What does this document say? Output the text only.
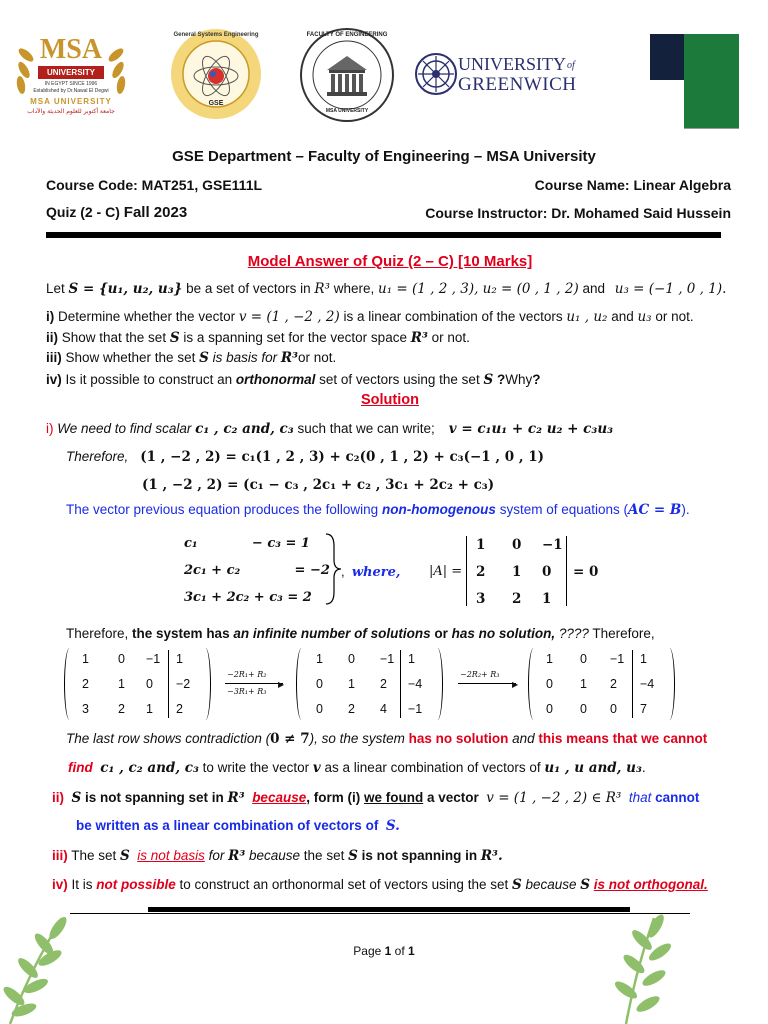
MSA
UNIVERSITY
IN EGYPT SINCE 1996
Established by Dr.Nawal El Degwi
MSA UNIVERSITY
جامعة أكتوبر للعلوم الحديثة والآداب
General Systems Engineering
GSE
FACULTY OF ENGINEERING
MSA UNIVERSITY
UNIVERSITY of
GREENWICH
GSE Department – Faculty of Engineering – MSA University
Course Code: MAT251, GSE111L	Course Name: Linear Algebra
Quiz (2 - C) Fall 2023	Course Instructor: Dr. Mohamed Said Hussein
Model Answer of Quiz (2 – C) [10 Marks]
Let S = {u₁, u₂, u₃} be a set of vectors in R³ where, u₁ = (1 , 2 , 3), u₂ = (0 , 1 , 2) and u₃ = (−1 , 0 , 1).
i) Determine whether the vector v = (1 , −2 , 2) is a linear combination of the vectors u₁ , u₂ and u₃ or not.
ii) Show that the set S is a spanning set for the vector space R³ or not.
iii) Show whether the set S is basis for R³or not.
iv) Is it possible to construct an orthonormal set of vectors using the set S ?Why?
Solution
i) We need to find scalar c₁ , c₂ and, c₃ such that we can write; v = c₁u₁ + c₂ u₂ + c₃u₃
Therefore, (1 , −2 , 2) = c₁(1 , 2 , 3) + c₂(0 , 1 , 2) + c₃(−1 , 0 , 1)
(1 , −2 , 2) = (c₁ − c₃ , 2c₁ + c₂ , 3c₁ + 2c₂ + c₃)
The vector previous equation produces the following non-homogenous system of equations (AC = B).
c₁            − c₃ = 1
2c₁ + c₂            = −2
3c₁ + 2c₂ + c₃ = 2
,  where, |A| =
1 0 −1
2 1 0
3 2 1
= 0
Therefore, the system has an infinite number of solutions or has no solution, ???? Therefore,
1 0 −1 1
2 1 0 −2
3 2 1 2
1 0 −1 1
0 1 2 −4
0 2 4 −1
1 0 −1 1
0 1 2 −4
0 0 0 7
−2R₁+ R₂
−3R₁+ R₃
▶
−2R₂+ R₃
▶
The last row shows contradiction (0 ≠ 7), so the system has no solution and this means that we cannot
find c₁ , c₂ and, c₃ to write the vector v as a linear combination of vectors of u₁ , u and, u₃.
ii) S is not spanning set in R³ because, form (i) we found a vector  v = (1 , −2 , 2) ∈ R³ that cannot
be written as a linear combination of vectors of S.
iii) The set S is not basis for R³ because the set S is not spanning in R³.
iv) It is not possible to construct an orthonormal set of vectors using the set S because S is not orthogonal.
Page 1 of 1
